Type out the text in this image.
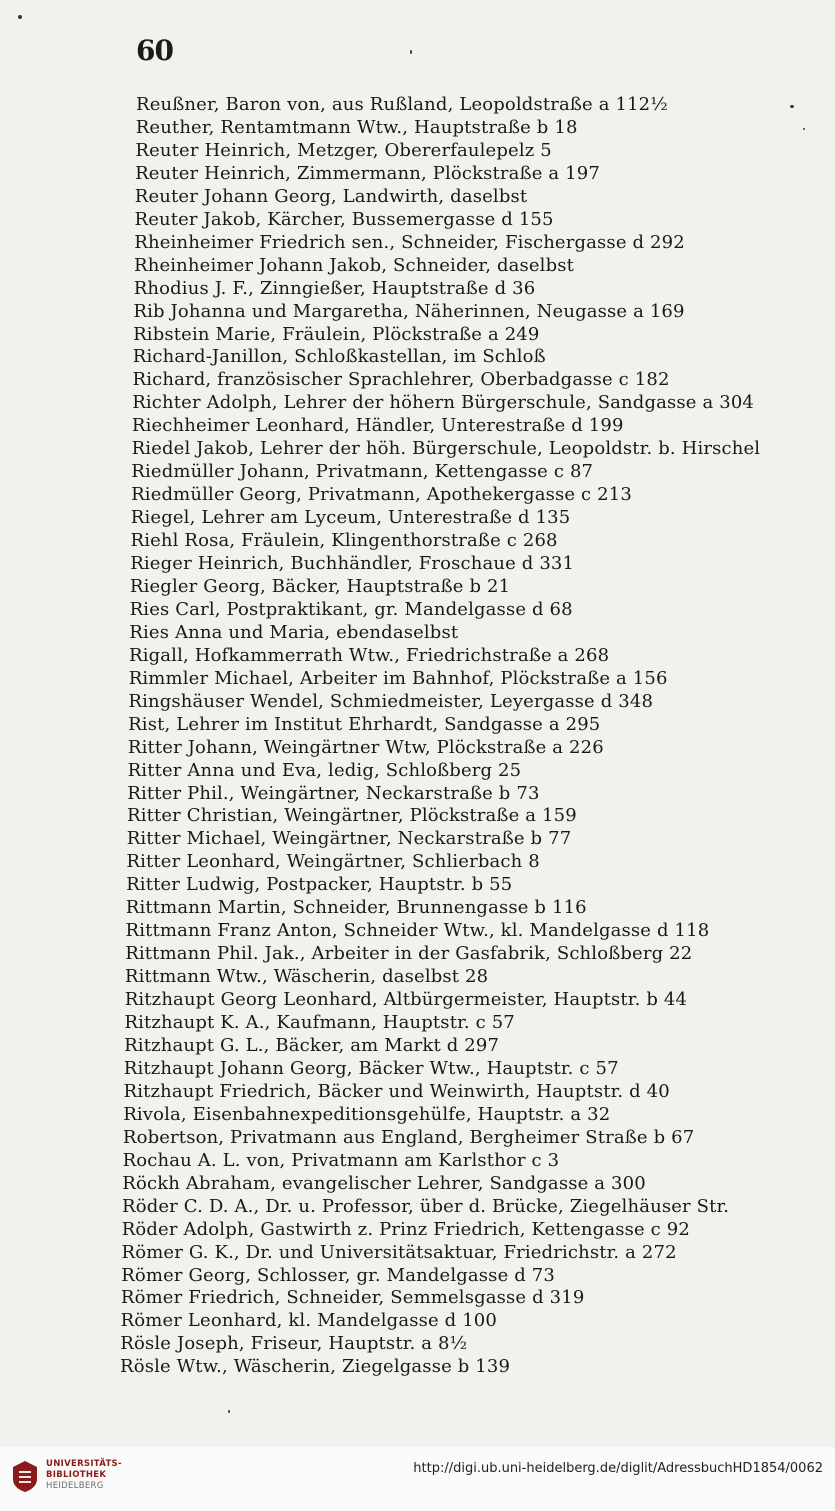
60
Reußner, Baron von, aus Rußland, Leopoldstraße a 112½
Reuther, Rentamtmann Wtw., Hauptstraße b 18
Reuter Heinrich, Metzger, Obererfaulepelz 5
Reuter Heinrich, Zimmermann, Plöckstraße a 197
Reuter Johann Georg, Landwirth, daselbst
Reuter Jakob, Kärcher, Bussemergasse d 155
Rheinheimer Friedrich sen., Schneider, Fischergasse d 292
Rheinheimer Johann Jakob, Schneider, daselbst
Rhodius J. F., Zinngießer, Hauptstraße d 36
Rib Johanna und Margaretha, Näherinnen, Neugasse a 169
Ribstein Marie, Fräulein, Plöckstraße a 249
Richard-Janillon, Schloßkastellan, im Schloß
Richard, französischer Sprachlehrer, Oberbadgasse c 182
Richter Adolph, Lehrer der höhern Bürgerschule, Sandgasse a 304
Riechheimer Leonhard, Händler, Unterestraße d 199
Riedel Jakob, Lehrer der höh. Bürgerschule, Leopoldstr. b. Hirschel
Riedmüller Johann, Privatmann, Kettengasse c 87
Riedmüller Georg, Privatmann, Apothekergasse c 213
Riegel, Lehrer am Lyceum, Unterestraße d 135
Riehl Rosa, Fräulein, Klingenthorstraße c 268
Rieger Heinrich, Buchhändler, Froschaue d 331
Riegler Georg, Bäcker, Hauptstraße b 21
Ries Carl, Postpraktikant, gr. Mandelgasse d 68
Ries Anna und Maria, ebendaselbst
Rigall, Hofkammerrath Wtw., Friedrichstraße a 268
Rimmler Michael, Arbeiter im Bahnhof, Plöckstraße a 156
Ringshäuser Wendel, Schmiedmeister, Leyergasse d 348
Rist, Lehrer im Institut Ehrhardt, Sandgasse a 295
Ritter Johann, Weingärtner Wtw, Plöckstraße a 226
Ritter Anna und Eva, ledig, Schloßberg 25
Ritter Phil., Weingärtner, Neckarstraße b 73
Ritter Christian, Weingärtner, Plöckstraße a 159
Ritter Michael, Weingärtner, Neckarstraße b 77
Ritter Leonhard, Weingärtner, Schlierbach 8
Ritter Ludwig, Postpacker, Hauptstr. b 55
Rittmann Martin, Schneider, Brunnengasse b 116
Rittmann Franz Anton, Schneider Wtw., kl. Mandelgasse d 118
Rittmann Phil. Jak., Arbeiter in der Gasfabrik, Schloßberg 22
Rittmann Wtw., Wäscherin, daselbst 28
Ritzhaupt Georg Leonhard, Altbürgermeister, Hauptstr. b 44
Ritzhaupt K. A., Kaufmann, Hauptstr. c 57
Ritzhaupt G. L., Bäcker, am Markt d 297
Ritzhaupt Johann Georg, Bäcker Wtw., Hauptstr. c 57
Ritzhaupt Friedrich, Bäcker und Weinwirth, Hauptstr. d 40
Rivola, Eisenbahnexpeditionsgehülfe, Hauptstr. a 32
Robertson, Privatmann aus England, Bergheimer Straße b 67
Rochau A. L. von, Privatmann am Karlsthor c 3
Röckh Abraham, evangelischer Lehrer, Sandgasse a 300
Röder C. D. A., Dr. u. Professor, über d. Brücke, Ziegelhäuser Str.
Röder Adolph, Gastwirth z. Prinz Friedrich, Kettengasse c 92
Römer G. K., Dr. und Universitätsaktuar, Friedrichstr. a 272
Römer Georg, Schlosser, gr. Mandelgasse d 73
Römer Friedrich, Schneider, Semmelsgasse d 319
Römer Leonhard, kl. Mandelgasse d 100
Rösle Joseph, Friseur, Hauptstr. a 8½
Rösle Wtw., Wäscherin, Ziegelgasse b 139
UNIVERSITÄTS-
BIBLIOTHEK
HEIDELBERG
http://digi.ub.uni-heidelberg.de/diglit/AdressbuchHD1854/0062
